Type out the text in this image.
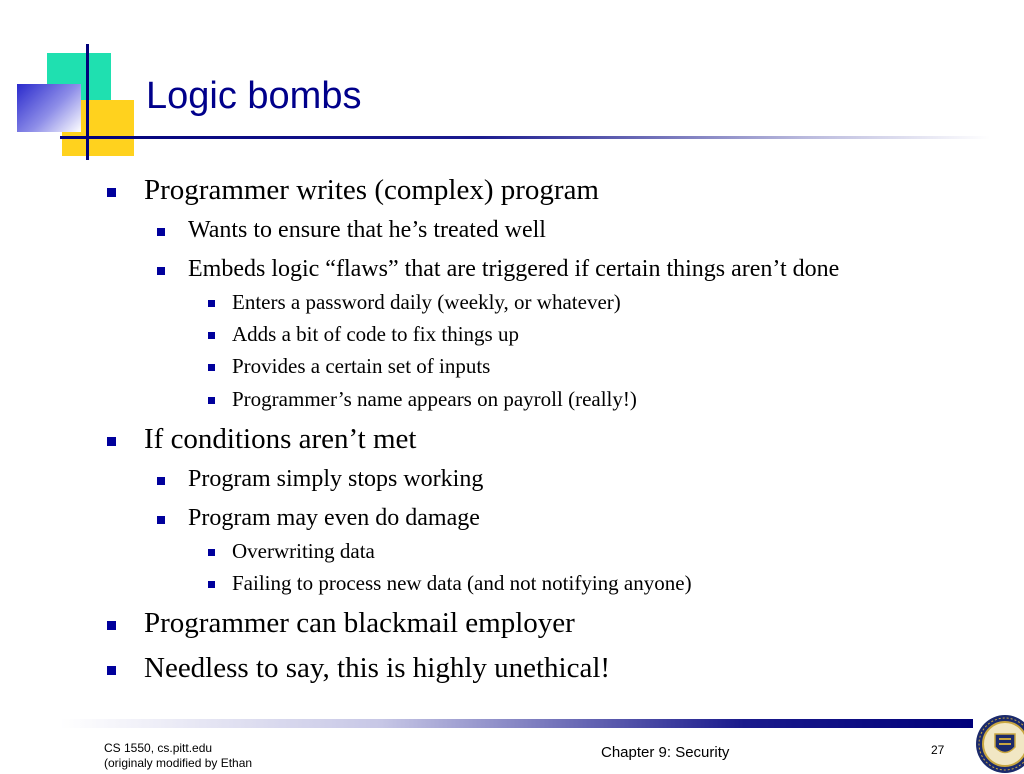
Logic bombs
Programmer writes (complex) program
Wants to ensure that he’s treated well
Embeds logic “flaws” that are triggered if certain things aren’t done
Enters a password daily (weekly, or whatever)
Adds a bit of code to fix things up
Provides a certain set of inputs
Programmer’s name appears on payroll (really!)
If conditions aren’t met
Program simply stops working
Program may even do damage
Overwriting data
Failing to process new data (and not notifying anyone)
Programmer can blackmail employer
Needless to say, this is highly unethical!
CS 1550, cs.pitt.edu
(originaly modified by Ethan
Chapter 9: Security	27
